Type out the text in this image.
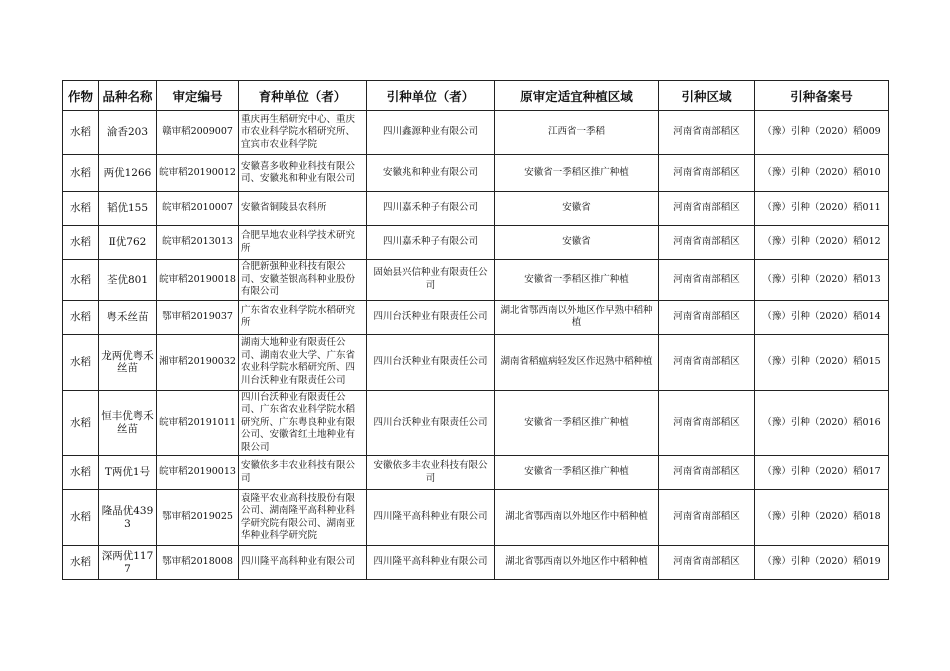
作物	品种名称	审定编号	育种单位（者）	引种单位（者）	原审定适宜种植区域	引种区域	引种备案号
水稻	渝香203	赣审稻2009007	重庆再生稻研究中心、重庆市农业科学院水稻研究所、宜宾市农业科学院	四川鑫源种业有限公司	江西省一季稻	河南省南部稻区	（豫）引种（2020）稻009
水稻	两优1266	皖审稻20190012	安徽喜多收种业科技有限公司、安徽兆和种业有限公司	安徽兆和种业有限公司	安徽省一季稻区推广种植	河南省南部稻区	（豫）引种（2020）稻010
水稻	韬优155	皖审稻2010007	安徽省铜陵县农科所	四川嘉禾种子有限公司	安徽省	河南省南部稻区	（豫）引种（2020）稻011
水稻	Ⅱ优762	皖审稻2013013	合肥旱地农业科学技术研究所	四川嘉禾种子有限公司	安徽省	河南省南部稻区	（豫）引种（2020）稻012
水稻	荃优801	皖审稻20190018	合肥新强种业科技有限公司、安徽荃银高科种业股份有限公司	固始县兴信种业有限责任公司	安徽省一季稻区推广种植	河南省南部稻区	（豫）引种（2020）稻013
水稻	粤禾丝苗	鄂审稻2019037	广东省农业科学院水稻研究所	四川台沃种业有限责任公司	湖北省鄂西南以外地区作早熟中稻种植	河南省南部稻区	（豫）引种（2020）稻014
水稻	龙两优粤禾丝苗	湘审稻20190032	湖南大地种业有限责任公司、湖南农业大学、广东省农业科学院水稻研究所、四川台沃种业有限责任公司	四川台沃种业有限责任公司	湖南省稻瘟病轻发区作迟熟中稻种植	河南省南部稻区	（豫）引种（2020）稻015
水稻	恒丰优粤禾丝苗	皖审稻20191011	四川台沃种业有限责任公司、广东省农业科学院水稻研究所、广东粤良种业有限公司、安徽省红土地种业有限公司	四川台沃种业有限责任公司	安徽省一季稻区推广种植	河南省南部稻区	（豫）引种（2020）稻016
水稻	T两优1号	皖审稻20190013	安徽依多丰农业科技有限公司	安徽依多丰农业科技有限公司	安徽省一季稻区推广种植	河南省南部稻区	（豫）引种（2020）稻017
水稻	隆晶优4393	鄂审稻2019025	袁隆平农业高科技股份有限公司、湖南隆平高科种业科学研究院有限公司、湖南亚华种业科学研究院	四川隆平高科种业有限公司	湖北省鄂西南以外地区作中稻种植	河南省南部稻区	（豫）引种（2020）稻018
水稻	深两优1177	鄂审稻2018008	四川隆平高科种业有限公司	四川隆平高科种业有限公司	湖北省鄂西南以外地区作中稻种植	河南省南部稻区	（豫）引种（2020）稻019
